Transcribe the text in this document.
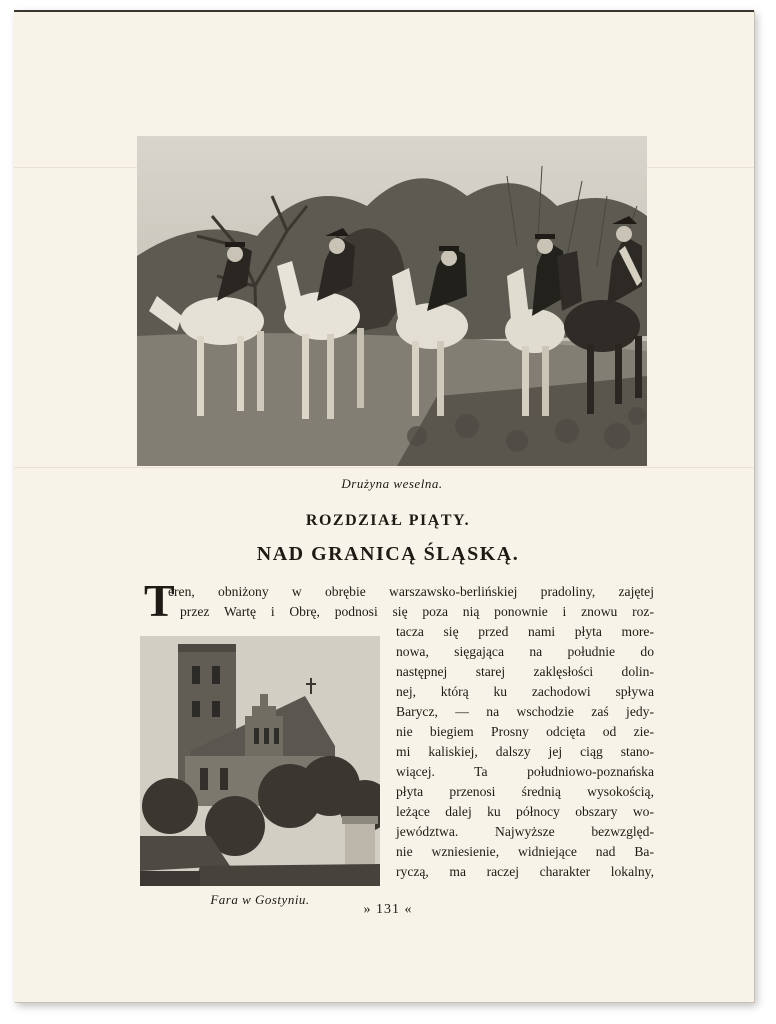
Drużyna weselna.
ROZDZIAŁ PIĄTY.
NAD GRANICĄ ŚLĄSKĄ.
T
eren, obniżony w obrębie warszawsko-berlińskiej pradoliny, zajętej
przez Wartę i Obrę, podnosi się poza nią ponownie i znowu roz-
tacza się przed nami płyta more-
nowa, sięgająca na południe do
następnej starej zaklęsłości dolin-
nej, którą ku zachodowi spływa
Barycz, — na wschodzie zaś jedy-
nie biegiem Prosny odcięta od zie-
mi kaliskiej, dalszy jej ciąg stano-
wiącej. Ta południowo-poznańska
płyta przenosi średnią wysokością,
leżące dalej ku północy obszary wo-
jewództwa. Najwyższe bezwzględ-
nie wzniesienie, widniejące nad Ba-
ryczą, ma raczej charakter lokalny,
Fara w Gostyniu.
» 131 «
